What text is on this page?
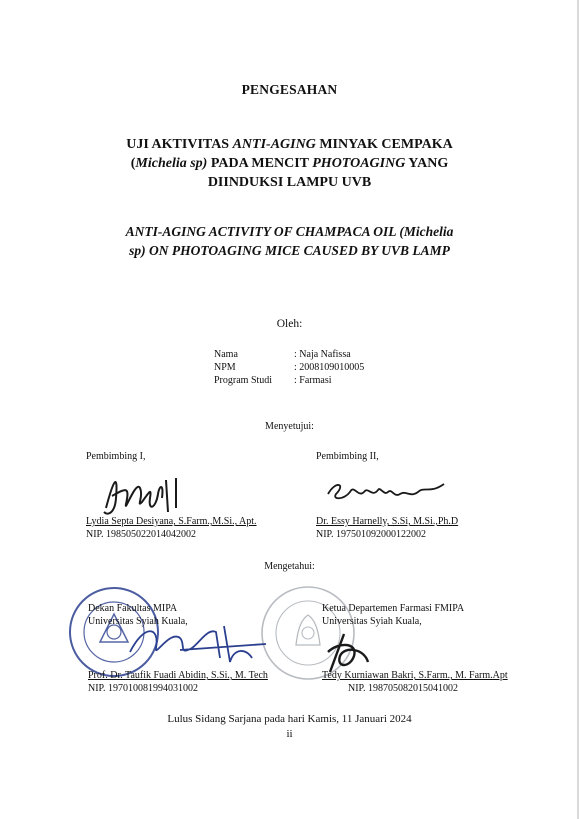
PENGESAHAN
UJI AKTIVITAS ANTI-AGING MINYAK CEMPAKA
(Michelia sp) PADA MENCIT PHOTOAGING YANG
DIINDUKSI LAMPU UVB
ANTI-AGING ACTIVITY OF CHAMPACA OIL (Michelia
sp) ON PHOTOAGING MICE CAUSED BY UVB LAMP
Oleh:
Nama	: Naja Nafissa
NPM	: 2008109010005
Program Studi	: Farmasi
Menyetujui:
Pembimbing I,
Lydia Septa Desiyana, S.Farm.,M.Si., Apt.
NIP. 198505022014042002
Pembimbing II,
Dr. Essy Harnelly, S.Si, M.Si.,Ph.D
NIP. 197501092000122002
Mengetahui:
Dekan Fakultas MIPA
Universitas Syiah Kuala,
Prof. Dr. Taufik Fuadi Abidin, S.Si., M. Tech
NIP. 197010081994031002
Ketua Departemen Farmasi FMIPA
Universitas Syiah Kuala,
Tedy Kurniawan Bakri, S.Farm., M. Farm.Apt
NIP. 198705082015041002
Lulus Sidang Sarjana pada hari Kamis, 11 Januari 2024
ii
